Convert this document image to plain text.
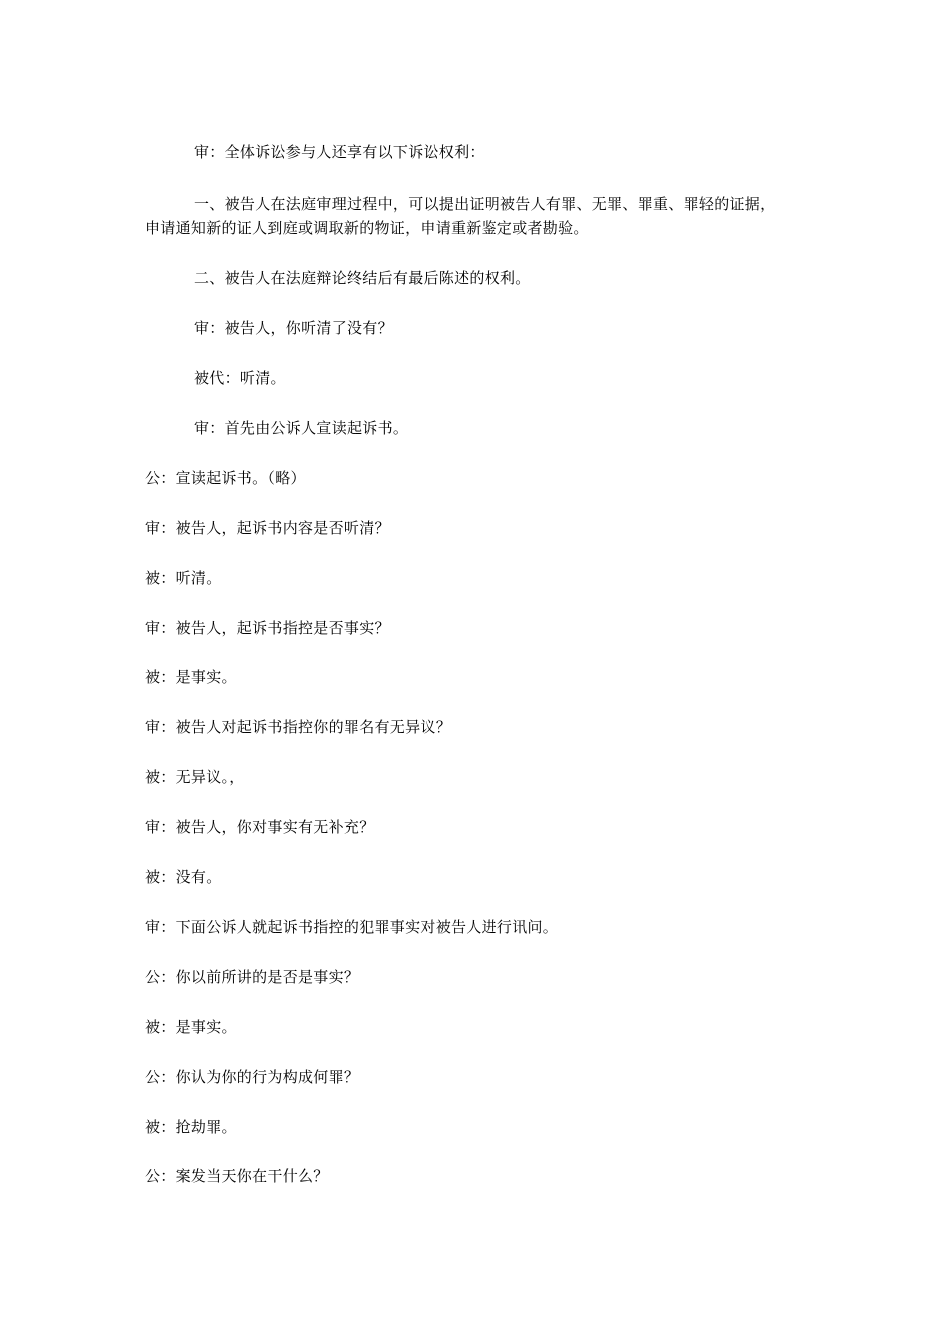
审：全体诉讼参与人还享有以下诉讼权利：
一、被告人在法庭审理过程中，可以提出证明被告人有罪、无罪、罪重、罪轻的证据，
申请通知新的证人到庭或调取新的物证，申请重新鉴定或者勘验。
二、被告人在法庭辩论终结后有最后陈述的权利。
审：被告人，你听清了没有？
被代：听清。
审：首先由公诉人宣读起诉书。
公：宣读起诉书。（略）
审：被告人，起诉书内容是否听清？
被：听清。
审：被告人，起诉书指控是否事实？
被：是事实。
审：被告人对起诉书指控你的罪名有无异议？
被：无异议。，
审：被告人，你对事实有无补充？
被：没有。
审：下面公诉人就起诉书指控的犯罪事实对被告人进行讯问。
公：你以前所讲的是否是事实？
被：是事实。
公：你认为你的行为构成何罪？
被：抢劫罪。
公：案发当天你在干什么？
